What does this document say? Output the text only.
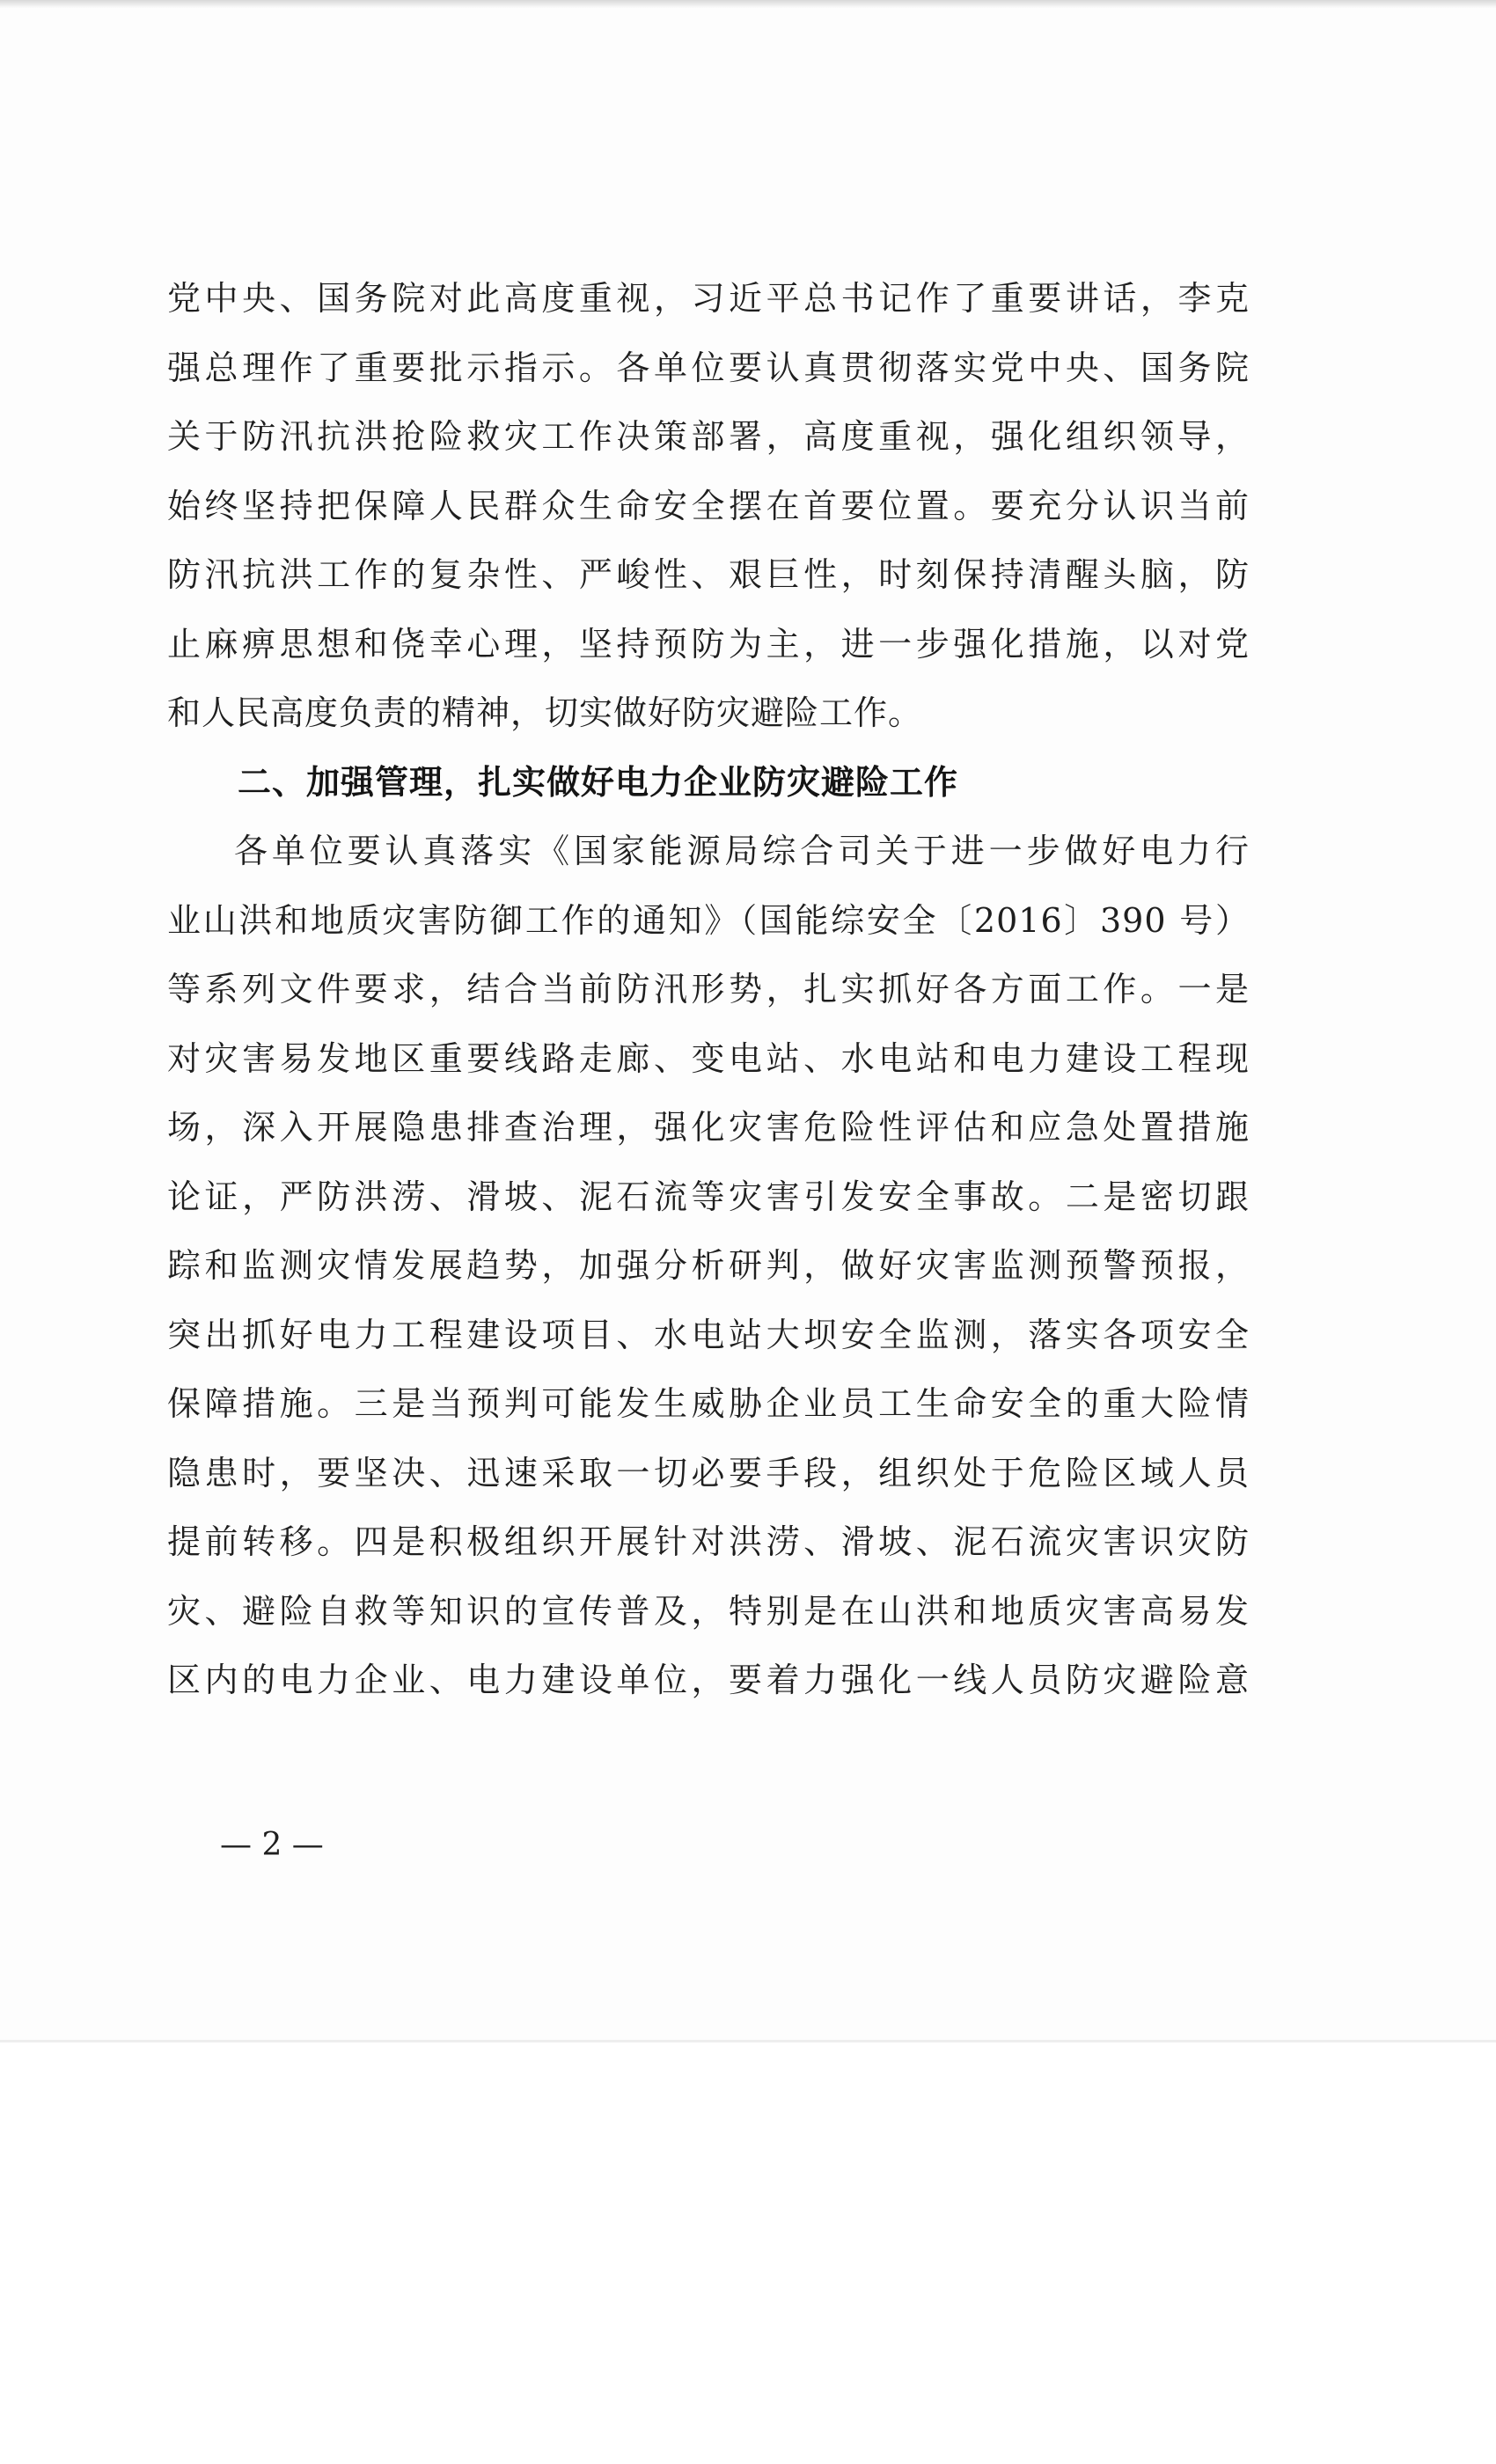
党中央、国务院对此高度重视，习近平总书记作了重要讲话，李克
强总理作了重要批示指示。各单位要认真贯彻落实党中央、国务院
关于防汛抗洪抢险救灾工作决策部署，高度重视，强化组织领导，
始终坚持把保障人民群众生命安全摆在首要位置。要充分认识当前
防汛抗洪工作的复杂性、严峻性、艰巨性，时刻保持清醒头脑，防
止麻痹思想和侥幸心理，坚持预防为主，进一步强化措施，以对党
和人民高度负责的精神，切实做好防灾避险工作。
二、加强管理，扎实做好电力企业防灾避险工作
各单位要认真落实《国家能源局综合司关于进一步做好电力行
业山洪和地质灾害防御工作的通知》（国能综安全〔2016〕390 号）
等系列文件要求，结合当前防汛形势，扎实抓好各方面工作。一是
对灾害易发地区重要线路走廊、变电站、水电站和电力建设工程现
场，深入开展隐患排查治理，强化灾害危险性评估和应急处置措施
论证，严防洪涝、滑坡、泥石流等灾害引发安全事故。二是密切跟
踪和监测灾情发展趋势，加强分析研判，做好灾害监测预警预报，
突出抓好电力工程建设项目、水电站大坝安全监测，落实各项安全
保障措施。三是当预判可能发生威胁企业员工生命安全的重大险情
隐患时，要坚决、迅速采取一切必要手段，组织处于危险区域人员
提前转移。四是积极组织开展针对洪涝、滑坡、泥石流灾害识灾防
灾、避险自救等知识的宣传普及，特别是在山洪和地质灾害高易发
区内的电力企业、电力建设单位，要着力强化一线人员防灾避险意
— 2 —
